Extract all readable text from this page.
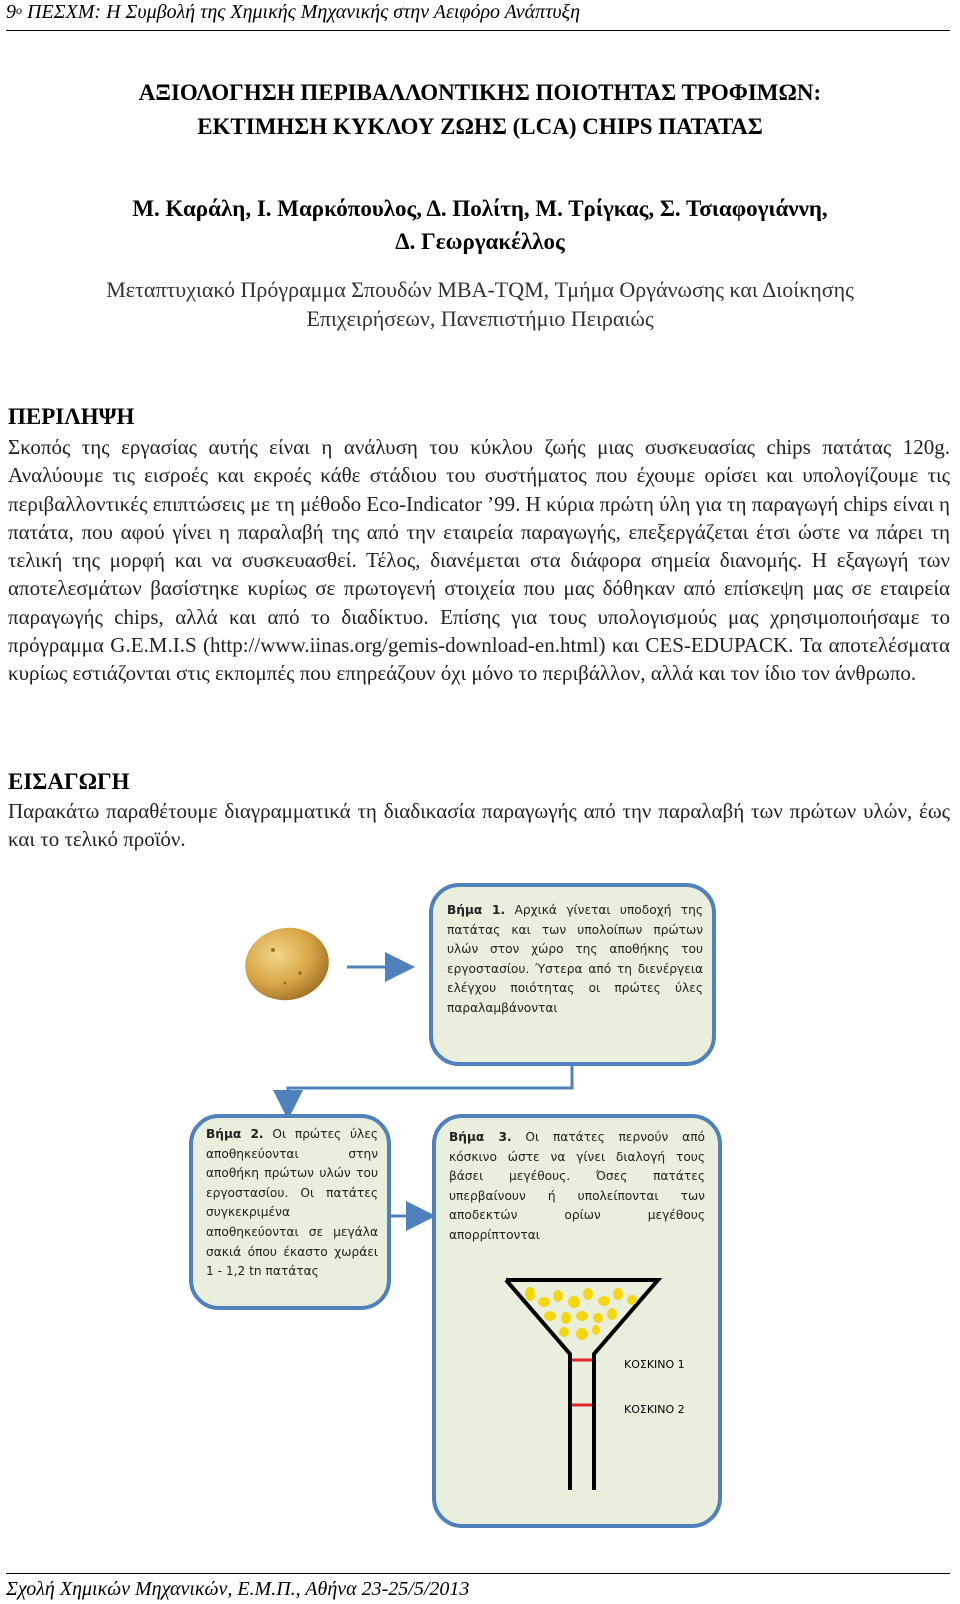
$9^o$ ΠΕΣΧΜ: Η Συμβολή της Χημικής Μηχανικής στην Αειφόρο Ανάπτυξη
ΑΞΙΟΛΟΓΗΣΗ ΠΕΡΙΒΑΛΛΟΝΤΙΚΗΣ ΠΟΙΟΤΗΤΑΣ ΤΡΟΦΙΜΩΝ:
ΕΚΤΙΜΗΣΗ ΚΥΚΛΟΥ ΖΩΗΣ (LCA) CHIPS ΠΑΤΑΤΑΣ
Μ. Καράλη, Ι. Μαρκόπουλος, Δ. Πολίτη, Μ. Τρίγκας, Σ. Τσιαφογιάννη,
Δ. Γεωργακέλλος
Μεταπτυχιακό Πρόγραμμα Σπουδών MBA-TQM, Τμήμα Οργάνωσης και Διοίκησης
Επιχειρήσεων, Πανεπιστήμιο Πειραιώς
ΠΕΡΙΛΗΨΗ
Σκοπός της εργασίας αυτής είναι η ανάλυση του κύκλου ζωής μιας συσκευασίας chips πατάτας 120g. Αναλύουμε τις εισροές και εκροές κάθε στάδιου του συστήματος που έχουμε ορίσει και υπολογίζουμε τις περιβαλλοντικές επιπτώσεις με τη μέθοδο Eco-Indicator ’99. Η κύρια πρώτη ύλη για τη παραγωγή chips είναι η πατάτα, που αφού γίνει η παραλαβή της από την εταιρεία παραγωγής, επεξεργάζεται έτσι ώστε να πάρει τη τελική της μορφή και να συσκευασθεί. Τέλος, διανέμεται στα διάφορα σημεία διανομής. Η εξαγωγή των αποτελεσμάτων βασίστηκε κυρίως σε πρωτογενή στοιχεία που μας δόθηκαν από επίσκεψη μας σε εταιρεία παραγωγής chips, αλλά και από το διαδίκτυο. Επίσης για τους υπολογισμούς μας χρησιμοποιήσαμε το πρόγραμμα G.E.M.I.S (http://www.iinas.org/gemis-download-en.html) και CES-EDUPACK. Τα αποτελέσματα κυρίως εστιάζονται στις εκπομπές που επηρεάζουν όχι μόνο το περιβάλλον, αλλά και τον ίδιο τον άνθρωπο.
ΕΙΣΑΓΩΓΗ
Παρακάτω παραθέτουμε διαγραμματικά τη διαδικασία παραγωγής από την παραλαβή των πρώτων υλών, έως και το τελικό προϊόν.
Βήμα 1. Αρχικά γίνεται υποδοχή της πατάτας και των υπολοίπων πρώτων υλών στον χώρο της αποθήκης του εργοστασίου. Ύστερα από τη διενέργεια ελέγχου ποιότητας οι πρώτες ύλες παραλαμβάνονται
Βήμα 2. Οι πρώτες ύλες αποθηκεύονται στην αποθήκη πρώτων υλών του εργοστασίου. Οι πατάτες συγκεκριμένα αποθηκεύονται σε μεγάλα σακιά όπου έκαστο χωράει 1 - 1,2 tn πατάτας
Βήμα 3. Οι πατάτες περνούν από κόσκινο ώστε να γίνει διαλογή τους βάσει μεγέθους. Όσες πατάτες υπερβαίνουν ή υπολείπονται των αποδεκτών ορίων μεγέθους απορρίπτονται
ΚΟΣΚΙΝΟ 1
ΚΟΣΚΙΝΟ 2
Σχολή Χημικών Μηχανικών, Ε.Μ.Π., Αθήνα 23-25/5/2013
